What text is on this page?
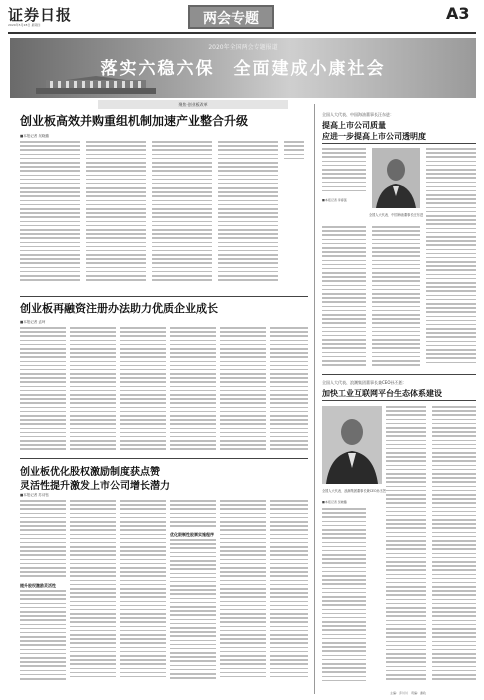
证券日报
2020年5月28日 星期四	两会专题	A3
2020年全国两会专题报道
落实六稳六保　全面建成小康社会
聚焦·创业板改革
创业板高效并购重组机制加速产业整合升级
■本报记者 吴晓璐
创业板再融资注册办法助力优质企业成长
■本报记者 孟珂
创业板优化股权激励制度获点赞
灵活性提升激发上市公司增长潜力
■本报记者 苏诗钰
提升股权激励灵活性
优化限制性股票实施程序
全国人大代表、中国海油董事长汪东进：
提高上市公司质量
应进一步提高上市公司透明度
全国人大代表、中国海油董事长汪东进
■本报记者 李春莲
全国人大代表、浪潮集团董事长兼CEO孙丕恕：
加快工业互联网平台生态体系建设
全国人大代表、浪潮集团董事长兼CEO孙丕恕
■本报记者 吴晓璐
主编：乔川川　责编：谢政
